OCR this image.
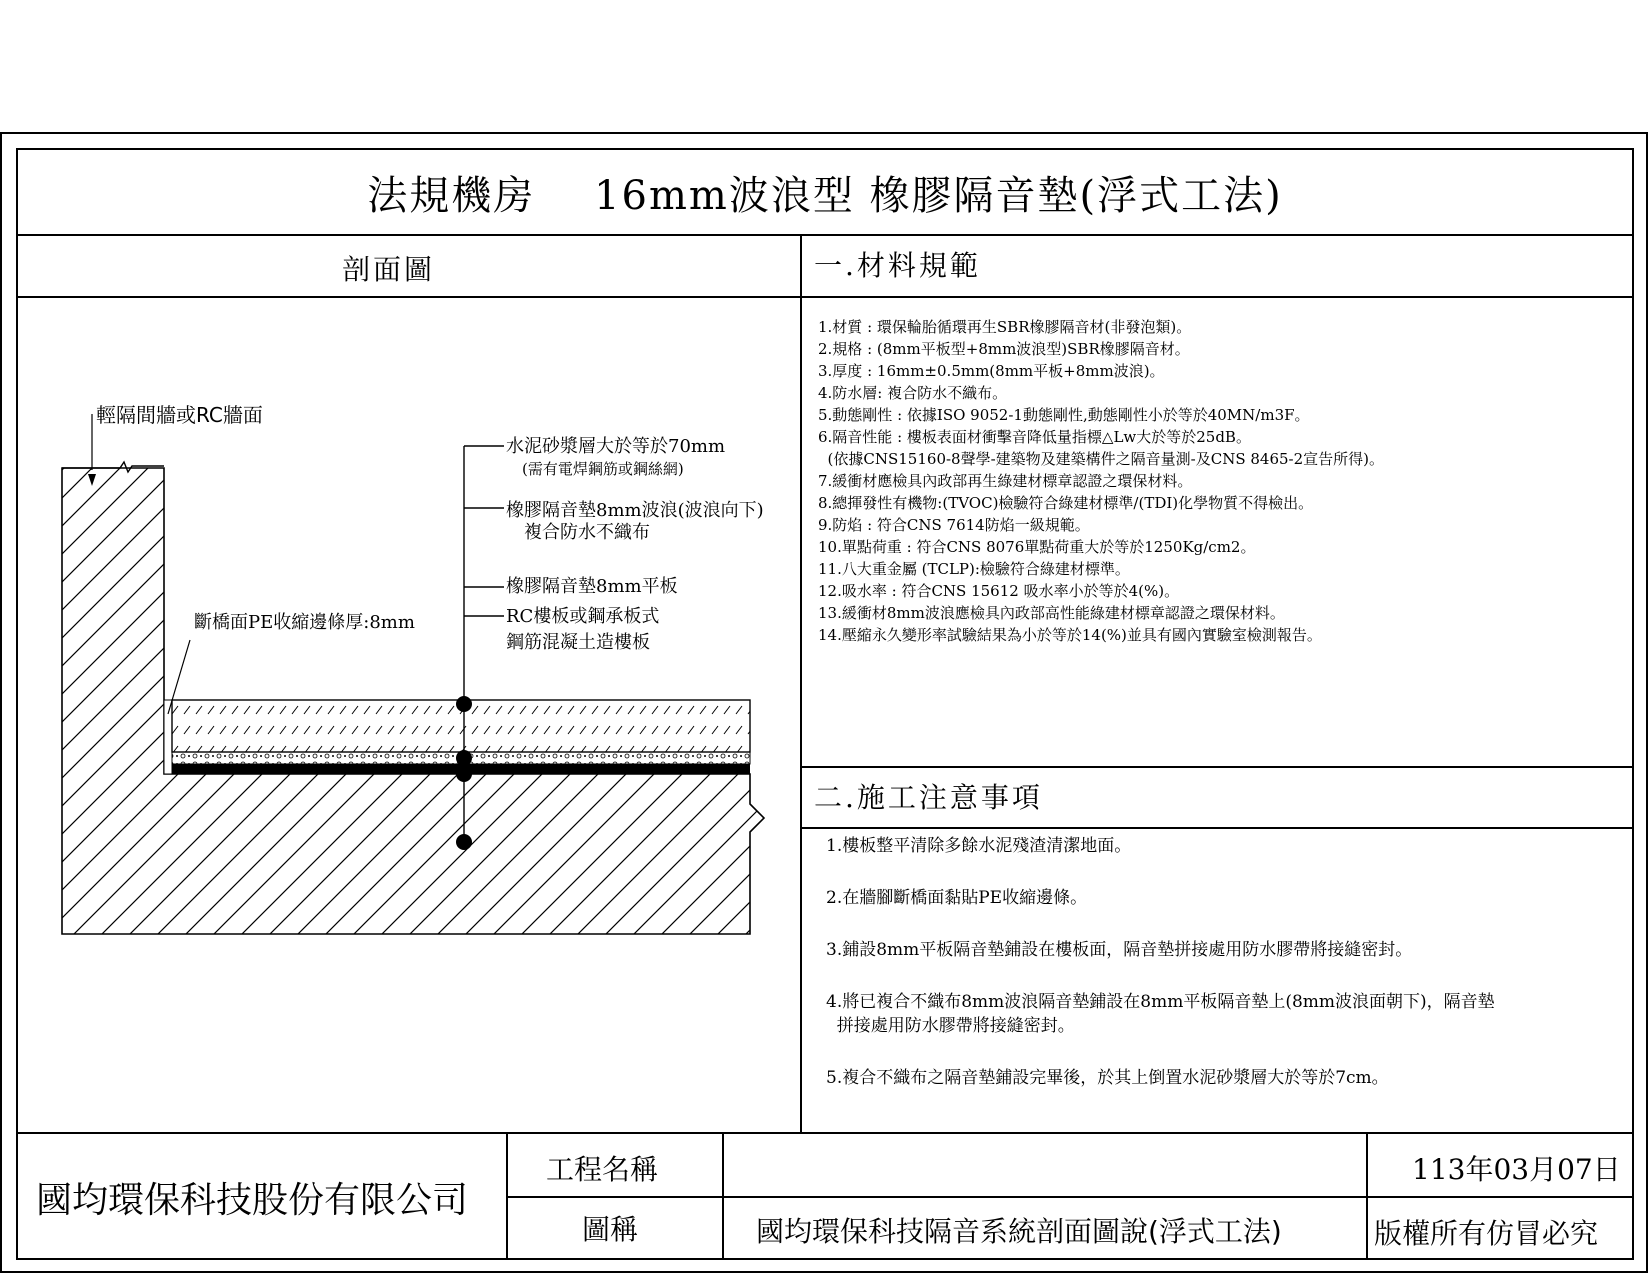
法規機房    16mm波浪型 橡膠隔音墊(浮式工法)
剖面圖	一.材料規範
二.施工注意事項
1.材質 : 環保輪胎循環再生SBR橡膠隔音材(非發泡類)。
2.規格 : (8mm平板型+8mm波浪型)SBR橡膠隔音材。
3.厚度 : 16mm±0.5mm(8mm平板+8mm波浪)。
4.防水層: 複合防水不織布。
5.動態剛性 : 依據ISO 9052-1動態剛性,動態剛性小於等於40MN/m3F。
6.隔音性能 : 樓板表面材衝擊音降低量指標△Lw大於等於25dB。
(依據CNS15160-8聲學-建築物及建築構件之隔音量測-及CNS 8465-2宣告所得)。
7.緩衝材應檢具內政部再生綠建材標章認證之環保材料。
8.總揮發性有機物:(TVOC)檢驗符合綠建材標準/(TDI)化學物質不得檢出。
9.防焰 : 符合CNS 7614防焰一級規範。
10.單點荷重 : 符合CNS 8076單點荷重大於等於1250Kg/cm2。
11.八大重金屬 (TCLP):檢驗符合綠建材標準。
12.吸水率 : 符合CNS 15612 吸水率小於等於4(%)。
13.緩衝材8mm波浪應檢具內政部高性能綠建材標章認證之環保材料。
14.壓縮永久變形率試驗結果為小於等於14(%)並具有國內實驗室檢測報告。
1.樓板整平清除多餘水泥殘渣清潔地面。
2.在牆腳斷橋面黏貼PE收縮邊條。
3.鋪設8mm平板隔音墊鋪設在樓板面，隔音墊拼接處用防水膠帶將接縫密封。
4.將已複合不織布8mm波浪隔音墊鋪設在8mm平板隔音墊上(8mm波浪面朝下)，隔音墊
拼接處用防水膠帶將接縫密封。
5.複合不織布之隔音墊鋪設完畢後，於其上倒置水泥砂漿層大於等於7cm。
輕隔間牆或RC牆面
水泥砂漿層大於等於70mm
(需有電焊鋼筋或鋼絲網)
橡膠隔音墊8mm波浪(波浪向下)
複合防水不織布
橡膠隔音墊8mm平板
RC樓板或鋼承板式
鋼筋混凝土造樓板
斷橋面PE收縮邊條厚:8mm
國均環保科技股份有限公司
工程名稱
圖稱	國均環保科技隔音系統剖面圖說(浮式工法)
113年03月07日
版權所有仿冒必究
